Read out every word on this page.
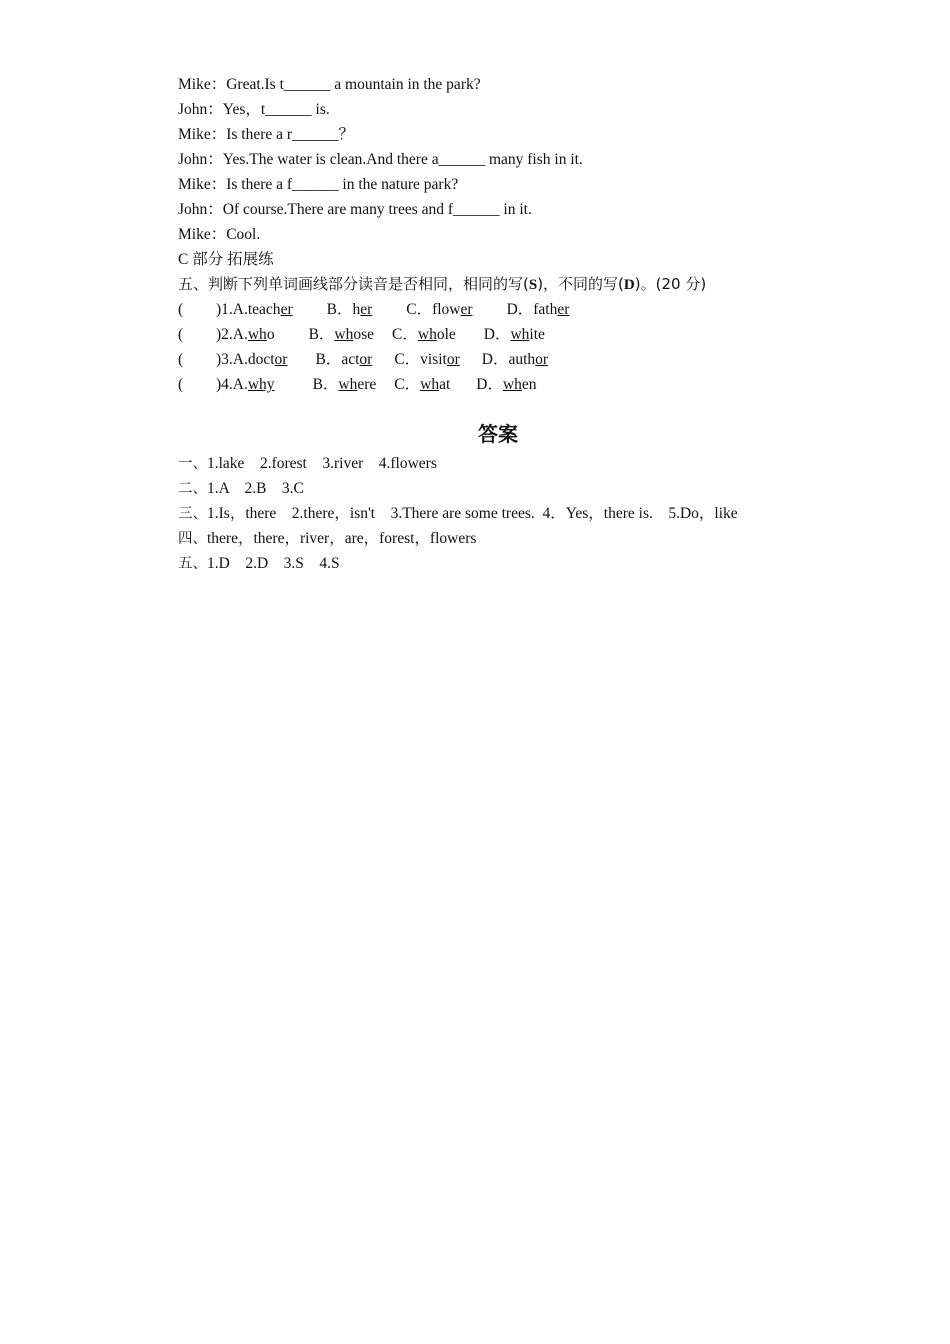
Mike：Great.Is t______ a mountain in the park?
John：Yes，t______ is.
Mike：Is there a r______？
John：Yes.The water is clean.And there a______ many fish in it.
Mike：Is there a f______ in the nature park?
John：Of course.There are many trees and f______ in it.
Mike：Cool.
C 部分 拓展练
五、判断下列单词画线部分读音是否相同，相同的写(S)，不同的写(D)。(20 分)
( )1.A.teacher B．her C．flower D．father
( )2.A.who B．whose C．whole D．white
( )3.A.doctor B．actor C．visitor D．author
( )4.A.why B．where C．what D．when
答案
一、1.lake    2.forest    3.river    4.flowers
二、1.A    2.B    3.C
三、1.Is，there    2.there，isn't    3.There are some trees.  4．Yes，there is.    5.Do，like
四、there，there，river，are，forest，flowers
五、1.D    2.D    3.S    4.S
